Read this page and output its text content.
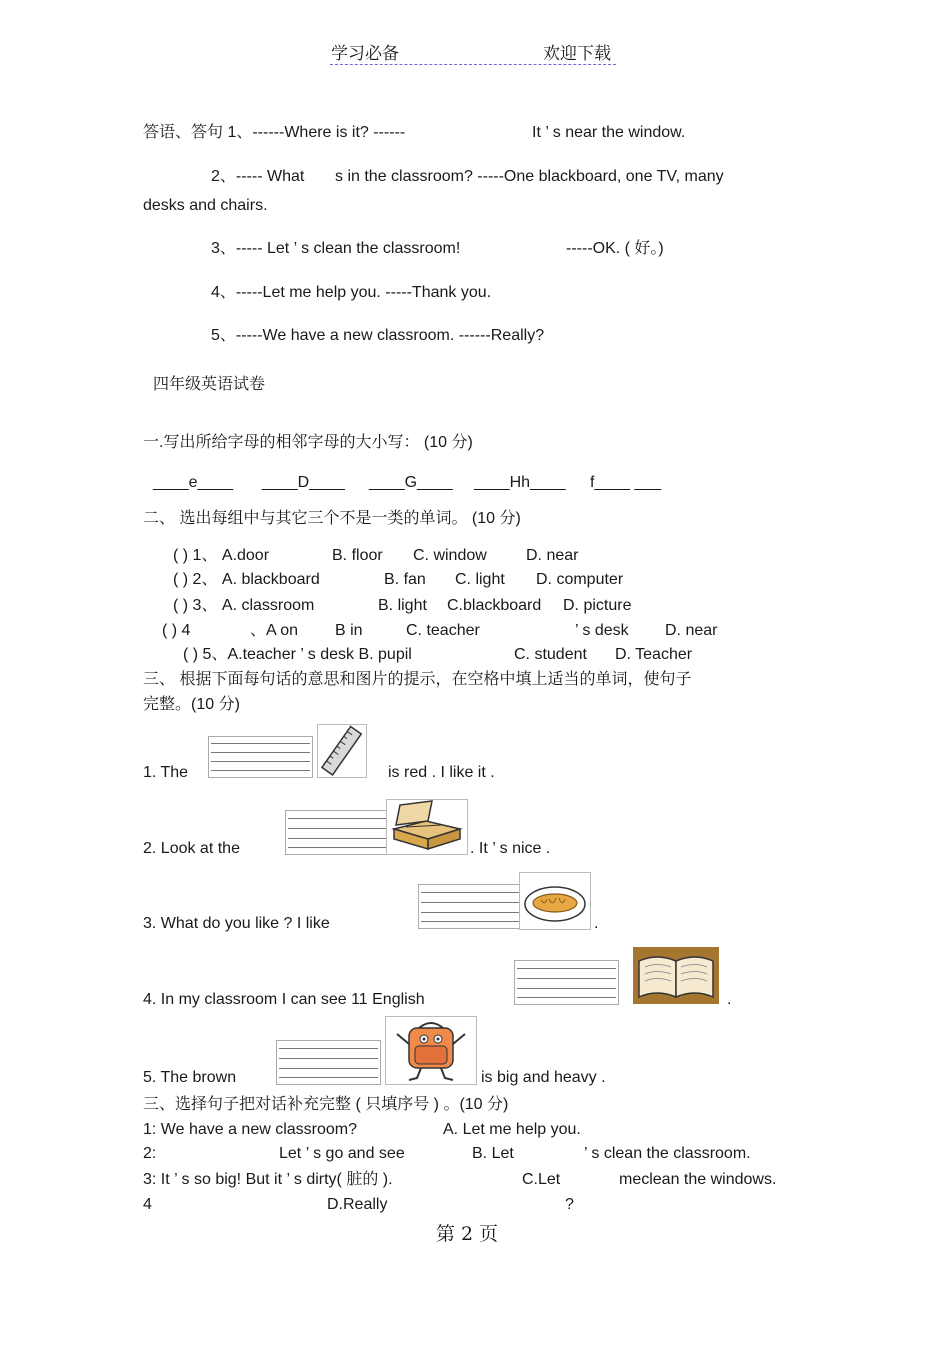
学习必备	欢迎下载
答语、答句 1、------Where is it? ------	It ’ s near the window.
2、----- What s in the classroom? -----One blackboard, one TV, many
desks and chairs.
3、----- Let ’ s clean the classroom!	-----OK. ( 好。)
4、-----Let me help you. -----Thank you.
5、-----We have a new classroom. ------Really?
四年级英语试卷
一.写出所给字母的相邻字母的大小写： (10 分)
____e____ ____D____ ____G____ ____Hh____ f____ ___
二、 选出每组中与其它三个不是一类的单词。 (10 分)
( ) 1、 A.door	B. floor C. window D. near
( ) 2、 A. blackboard	B. fan C. light D. computer
( ) 3、 A. classroom	B. light C.blackboard D. picture
( ) 4	、A on B in	C. teacher	’ s desk D. near
( ) 5、A.teacher ’ s desk B. pupil	C. student D. Teacher
三、 根据下面每句话的意思和图片的提示，在空格中填上适当的单词，使句子
完整。(10 分)
1. The	is red . I like it .
2. Look at the	. It ’ s nice .
3. What do you like ? I like	.
4. In my classroom I can see 11 English	.
5. The brown	is big and heavy .
三、选择句子把对话补充完整 ( 只填序号 ) 。(10 分)
1: We have a new classroom?	A. Let me help you.
2:	Let ’ s go and see	B. Let	’ s clean the classroom.
3: It ’ s so big! But it ’ s dirty( 脏的 ).	C.Let	meclean the windows.
4	D.Really	?
第 2 页
